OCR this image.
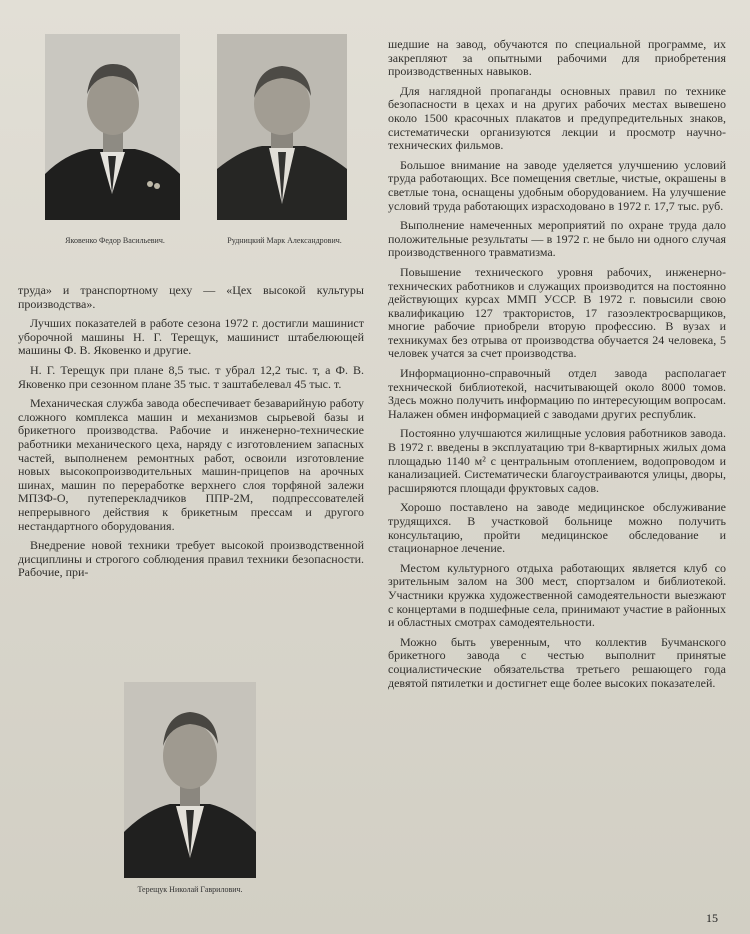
Яковенко Федор Васильевич.	Рудницкий Марк Александрович.

труда» и транспортному цеху — «Цех высокой культуры производства».

Лучших показателей в работе сезона 1972 г. достигли машинист уборочной машины Н. Г. Терещук, машинист штабелюющей машины Ф. В. Яковенко и другие.

Н. Г. Терещук при плане 8,5 тыс. т убрал 12,2 тыс. т, а Ф. В. Яковенко при сезонном плане 35 тыс. т заштабелевал 45 тыс. т.

Механическая служба завода обеспечивает безаварийную работу сложного комплекса машин и механизмов сырьевой базы и брикетного производства. Рабочие и инженерно-технические работники механического цеха, наряду с изготовлением запасных частей, выполненем ремонтных работ, освоили изготовление новых высокопроизводительных машин-прицепов на арочных шинах, машин по переработке верхнего слоя торфяной залежи МПЗФ-О, путеперекладчиков ППР-2М, подпрессователей непрерывного действия к брикетным прессам и другого нестандартного оборудования.

Внедрение новой техники требует высокой производственной дисциплины и строгого соблюдения правил техники безопасности. Рабочие, при-

Терещук Николай Гаврилович.

шедшие на завод, обучаются по специальной программе, их закрепляют за опытными рабочими для приобретения производственных навыков.

Для наглядной пропаганды основных правил по технике безопасности в цехах и на других рабочих местах вывешено около 1500 красочных плакатов и предупредительных знаков, систематически организуются лекции и просмотр научно-технических фильмов.

Большое внимание на заводе уделяется улучшению условий труда работающих. Все помещения светлые, чистые, окрашены в светлые тона, оснащены удобным оборудованием. На улучшение условий труда работающих израсходовано в 1972 г. 17,7 тыс. руб.

Выполнение намеченных мероприятий по охране труда дало положительные результаты — в 1972 г. не было ни одного случая производственного травматизма.

Повышение технического уровня рабочих, инженерно-технических работников и служащих производится на постоянно действующих курсах ММП УССР. В 1972 г. повысили свою квалификацию 127 трактористов, 17 газоэлектросварщиков, многие рабочие приобрели вторую профессию. В вузах и техникумах без отрыва от производства обучается 24 человека, 5 человек учатся за счет производства.

Информационно-справочный отдел завода располагает технической библиотекой, насчитывающей около 8000 томов. Здесь можно получить информацию по интересующим вопросам. Налажен обмен информацией с заводами других республик.

Постоянно улучшаются жилищные условия работников завода. В 1972 г. введены в эксплуатацию три 8-квартирных жилых дома площадью 1140 м² с центральным отоплением, водопроводом и канализацией. Систематически благоустраиваются улицы, дворы, расширяются площади фруктовых садов.

Хорошо поставлено на заводе медицинское обслуживание трудящихся. В участковой больнице можно получить консультацию, пройти медицинское обследование и стационарное лечение.

Местом культурного отдыха работающих является клуб со зрительным залом на 300 мест, спортзалом и библиотекой. Участники кружка художественной самодеятельности выезжают с концертами в подшефные села, принимают участие в районных и областных смотрах самодеятельности.

Можно быть уверенным, что коллектив Бучманского брикетного завода с честью выполнит принятые социалистические обязательства третьего решающего года девятой пятилетки и достигнет еще более высоких показателей.

15
